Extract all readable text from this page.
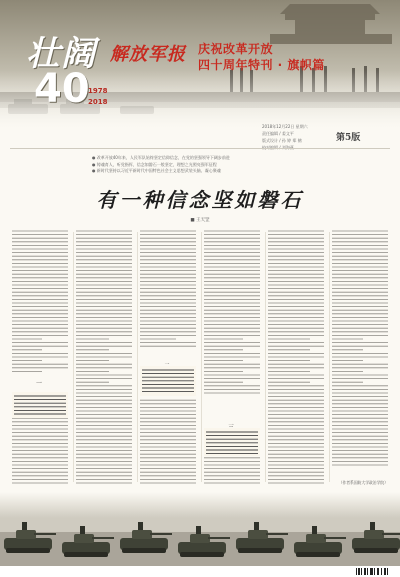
壮阔
40
1978
2018
解放军报 庆祝改革开放
四十周年特刊 · 旗帜篇
2018年12月22日 星期六
责任编辑 / 姜文平
版式设计 / 孙 婷 郑 鹤	第5版
● 改革开放40年来，人民军队始终坚定信仰信念，在党的坚强领导下阔步前进
● 铸魂育人，听党指挥，信念如磐石一般坚定，理想之光照亮强军征程
● 新时代坚持以习近平新时代中国特色社会主义思想武装头脑、凝心聚魂
有一种信念坚如磐石
■ 王天罡
一
（作者系国防大学政治学院）
